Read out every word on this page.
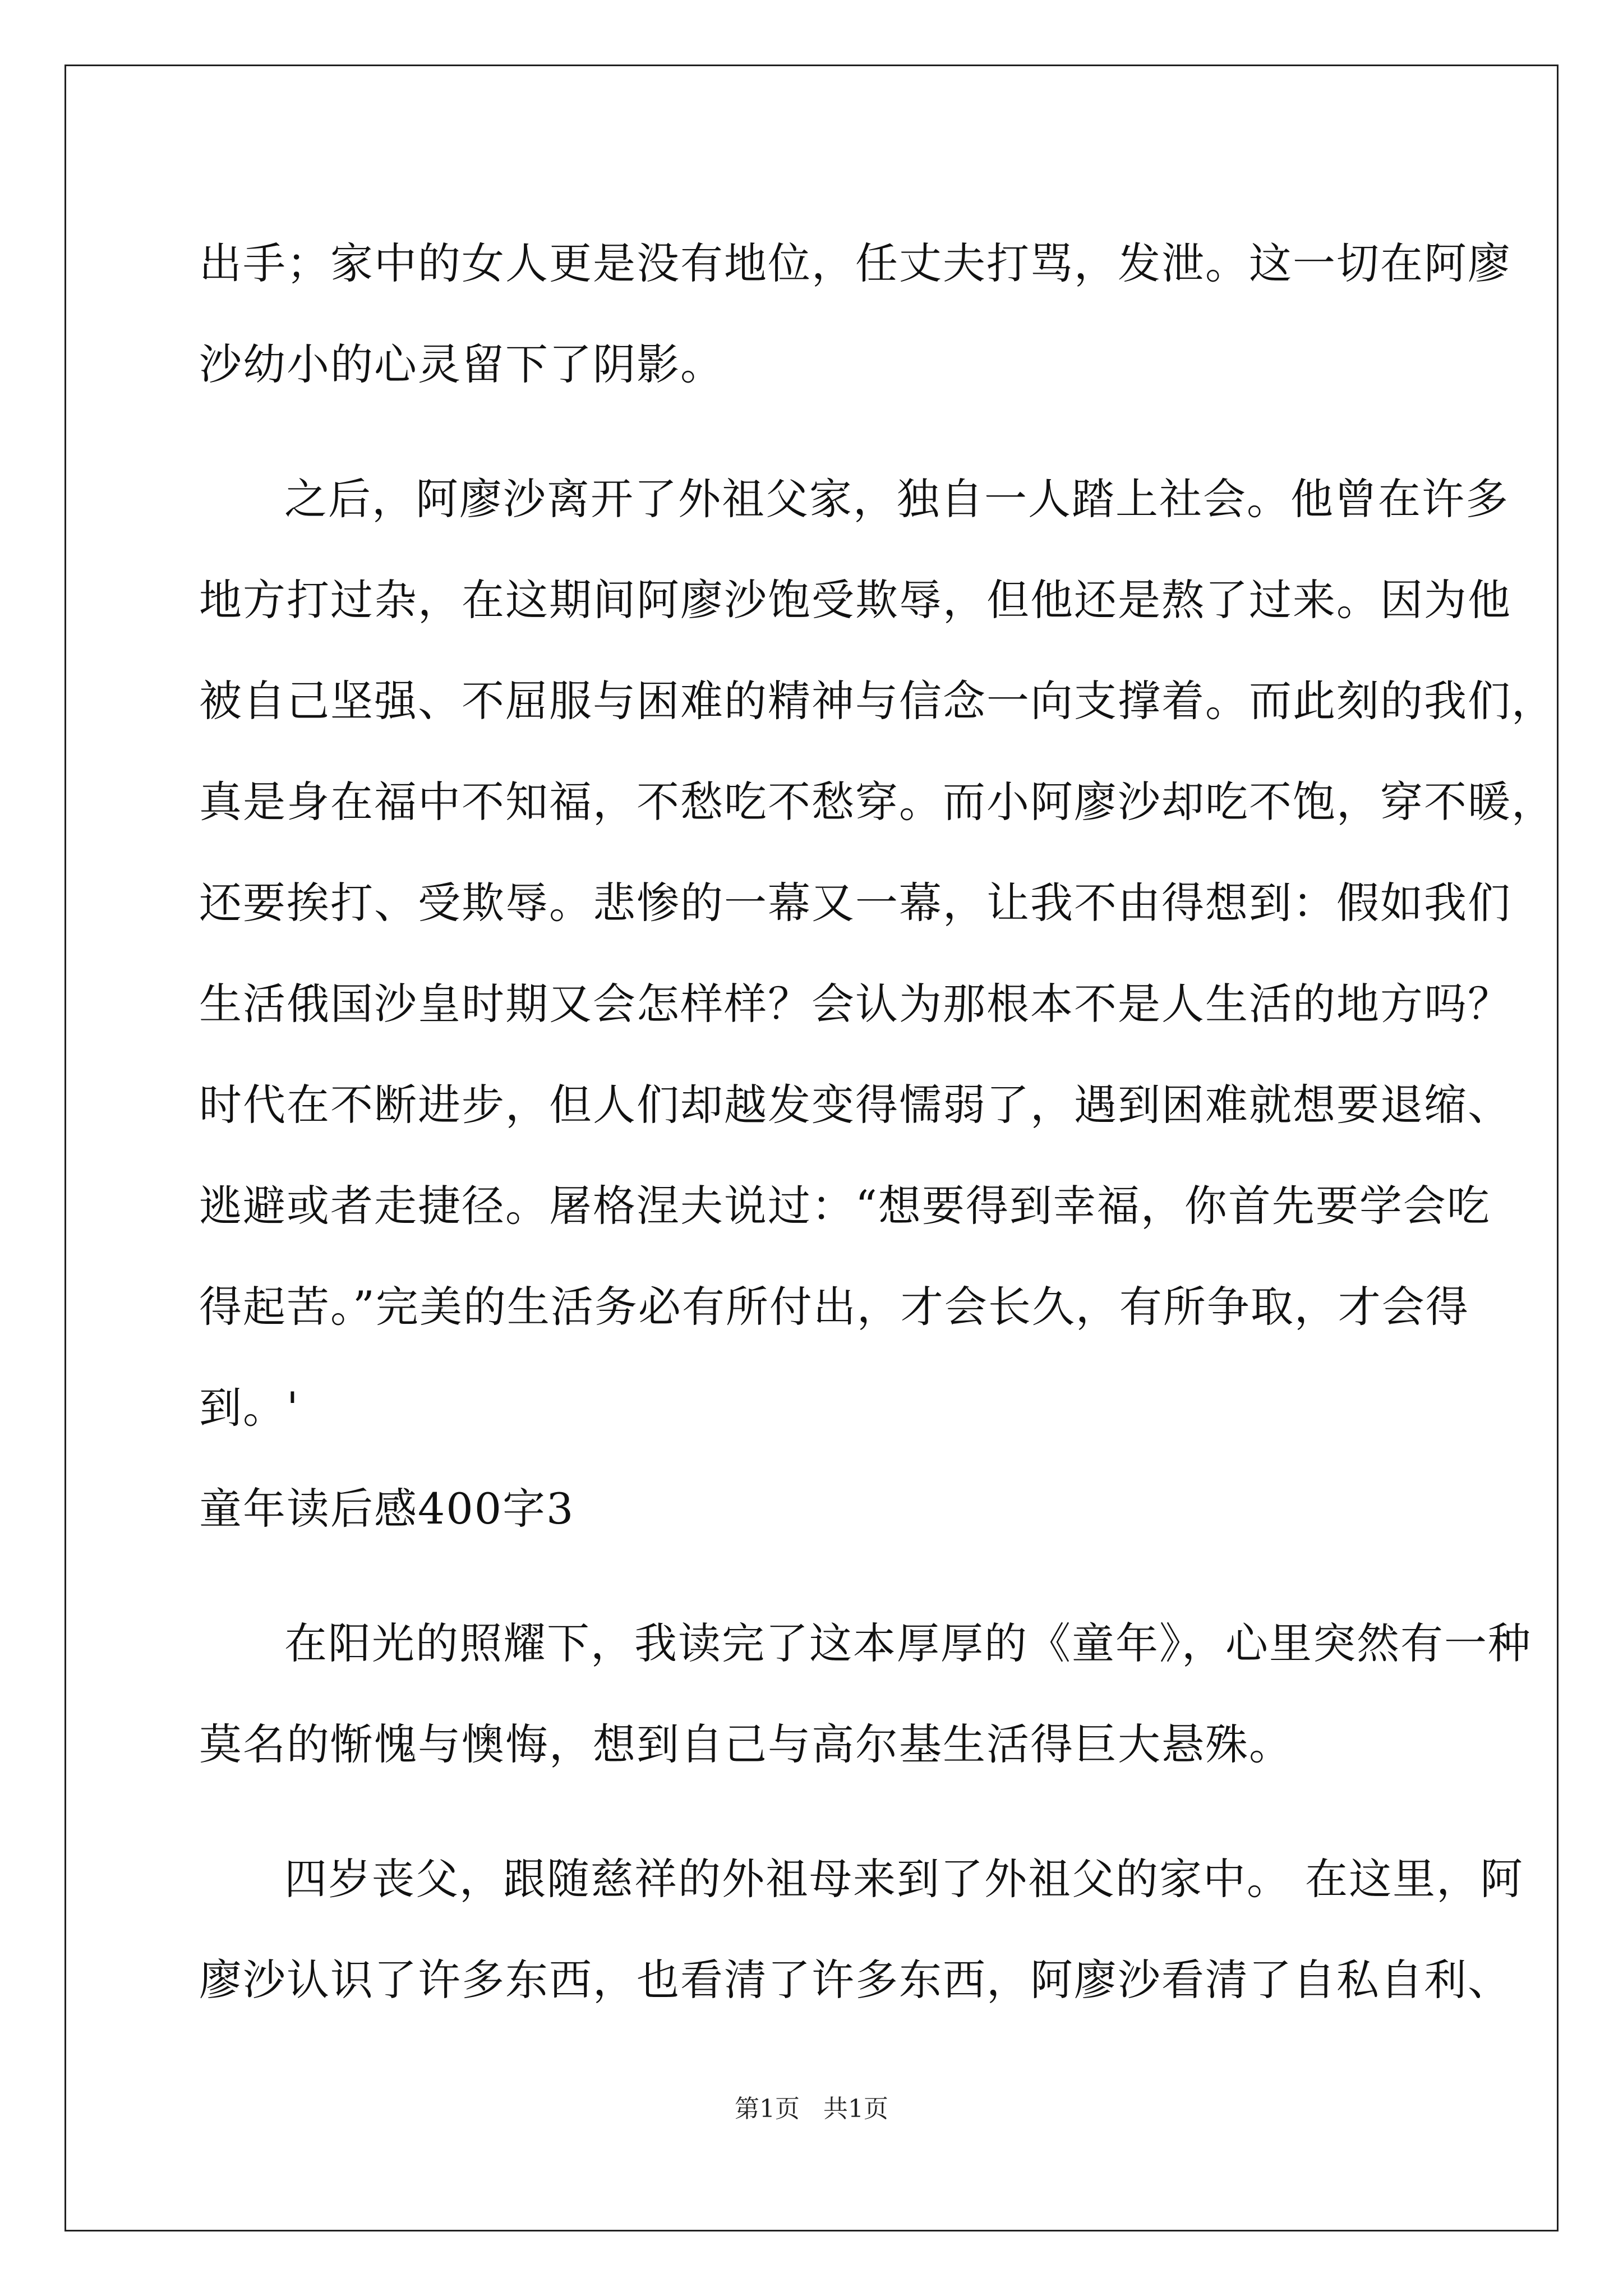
出手；家中的女人更是没有地位，任丈夫打骂，发泄。这一切在阿廖
沙幼小的心灵留下了阴影。
之后，阿廖沙离开了外祖父家，独自一人踏上社会。他曾在许多
地方打过杂，在这期间阿廖沙饱受欺辱，但他还是熬了过来。因为他
被自己坚强、不屈服与困难的精神与信念一向支撑着。而此刻的我们，
真是身在福中不知福，不愁吃不愁穿。而小阿廖沙却吃不饱，穿不暖，
还要挨打、受欺辱。悲惨的一幕又一幕，让我不由得想到：假如我们
生活俄国沙皇时期又会怎样样？会认为那根本不是人生活的地方吗？
时代在不断进步，但人们却越发变得懦弱了，遇到困难就想要退缩、
逃避或者走捷径。屠格涅夫说过：“想要得到幸福，你首先要学会吃
得起苦。”完美的生活务必有所付出，才会长久，有所争取，才会得
到。'
童年读后感400字3
在阳光的照耀下，我读完了这本厚厚的《童年》，心里突然有一种
莫名的惭愧与懊悔，想到自己与高尔基生活得巨大悬殊。
四岁丧父，跟随慈祥的外祖母来到了外祖父的家中。 在这里，阿
廖沙认识了许多东西，也看清了许多东西，阿廖沙看清了自私自利、
第1页   共1页
